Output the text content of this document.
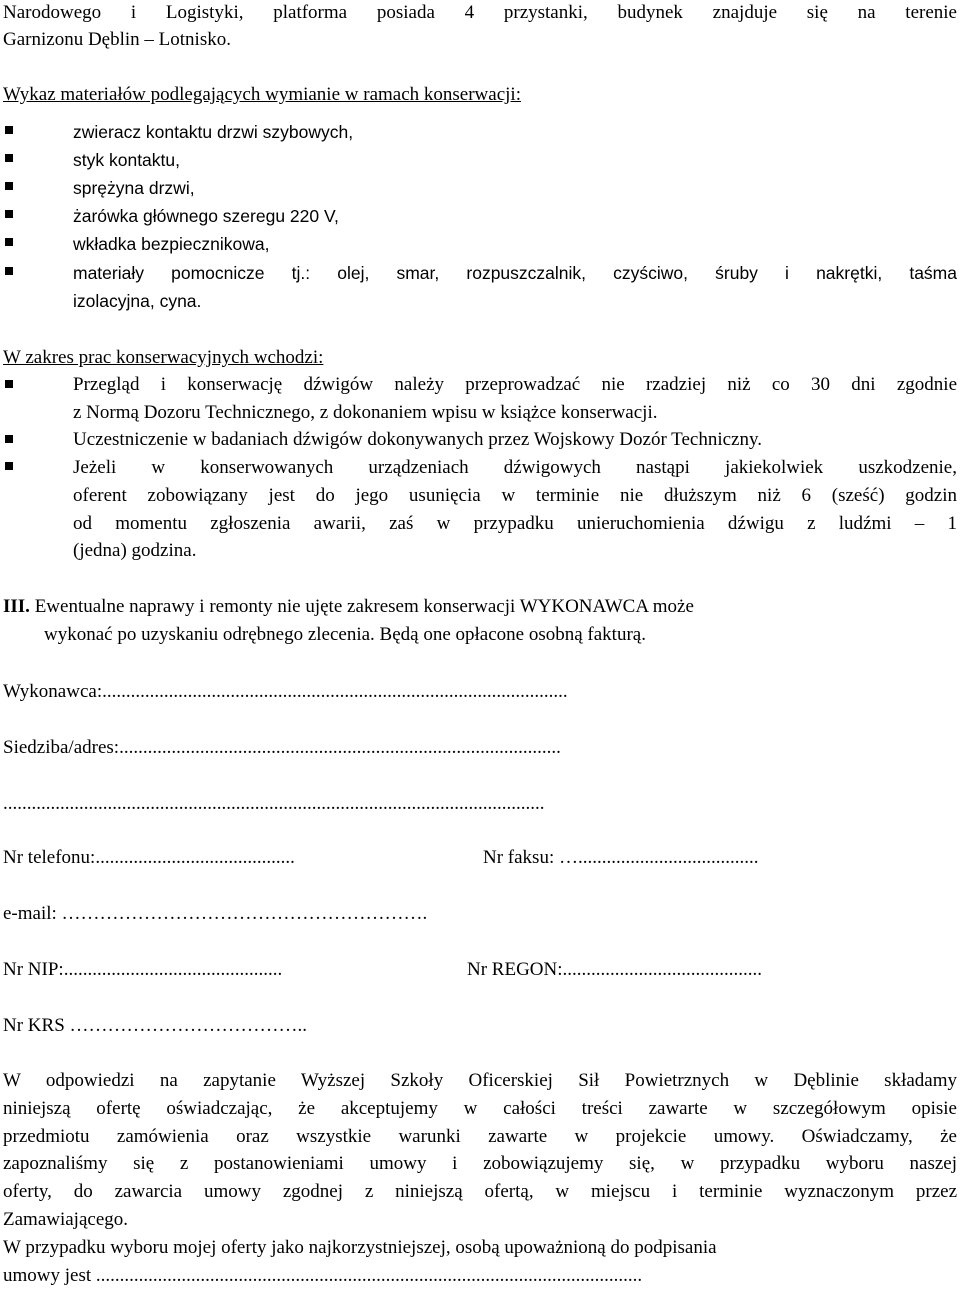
Narodowego i Logistyki, platforma posiada 4 przystanki, budynek znajduje się na terenie
Garnizonu Dęblin – Lotnisko.
Wykaz materiałów podlegających wymianie w ramach konserwacji:
zwieracz kontaktu drzwi szybowych,
styk kontaktu,
sprężyna drzwi,
żarówka głównego szeregu 220 V,
wkładka bezpiecznikowa,
materiały pomocnicze tj.: olej, smar, rozpuszczalnik, czyściwo, śruby i nakrętki, taśma
izolacyjna, cyna.
W zakres prac konserwacyjnych wchodzi:
Przegląd i konserwację dźwigów należy przeprowadzać nie rzadziej niż co 30 dni zgodnie
z Normą Dozoru Technicznego, z dokonaniem wpisu w książce konserwacji.
Uczestniczenie w badaniach dźwigów dokonywanych przez Wojskowy Dozór Techniczny.
Jeżeli w konserwowanych urządzeniach dźwigowych nastąpi jakiekolwiek uszkodzenie,
oferent zobowiązany jest do jego usunięcia w terminie nie dłuższym niż 6 (sześć) godzin
od momentu zgłoszenia awarii, zaś w przypadku unieruchomienia dźwigu z ludźmi – 1
(jedna) godzina.
III. Ewentualne naprawy i remonty nie ujęte zakresem konserwacji WYKONAWCA może
wykonać po uzyskaniu odrębnego zlecenia. Będą one opłacone osobną fakturą.
Wykonawca:..................................................................................................
Siedziba/adres:.............................................................................................
..................................................................................................................
Nr telefonu:..........................................	Nr faksu: …......................................
e-mail: ………………………………………………….
Nr NIP:..............................................	Nr REGON:..........................................
Nr KRS ………………………………..
W odpowiedzi na zapytanie Wyższej Szkoły Oficerskiej Sił Powietrznych w Dęblinie składamy
niniejszą ofertę oświadczając, że akceptujemy w całości treści zawarte w szczegółowym opisie
przedmiotu zamówienia oraz wszystkie warunki zawarte w projekcie umowy. Oświadczamy, że
zapoznaliśmy się z postanowieniami umowy i zobowiązujemy się, w przypadku wyboru naszej
oferty, do zawarcia umowy zgodnej z niniejszą ofertą, w miejscu i terminie wyznaczonym przez
Zamawiającego.
W przypadku wyboru mojej oferty jako najkorzystniejszej, osobą upoważnioną do podpisania
umowy jest ...................................................................................................................
